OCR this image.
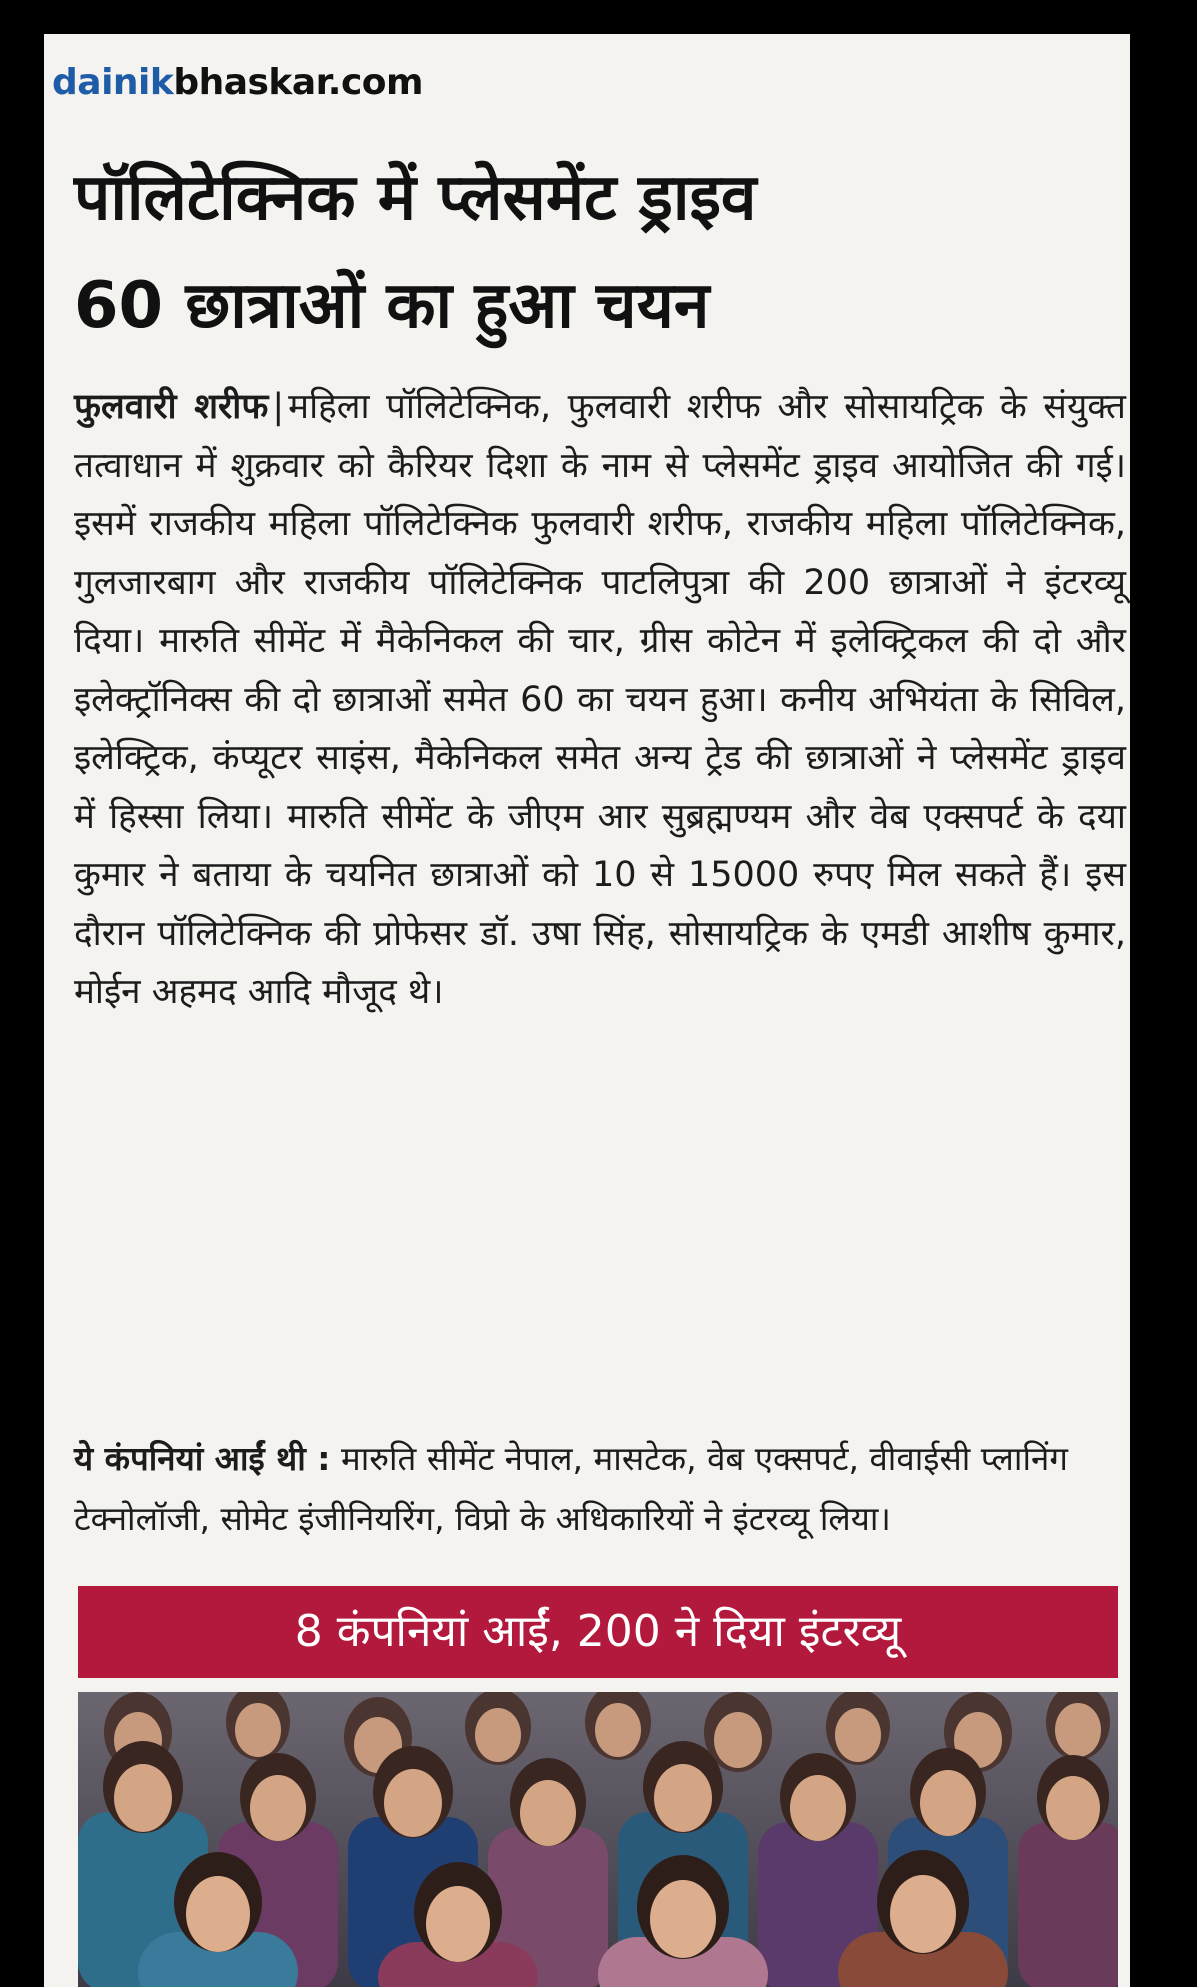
dainikbhaskar.com
पॉलिटेक्निक में प्लेसमेंट ड्राइव
60 छात्राओं का हुआ चयन

फुलवारी शरीफ | महिला पॉलिटेक्निक, फुलवारी शरीफ और सोसायट्रिक के संयुक्त तत्वाधान में शुक्रवार को कैरियर दिशा के नाम से प्लेसमेंट ड्राइव आयोजित की गई। इसमें राजकीय महिला पॉलिटेक्निक फुलवारी शरीफ, राजकीय महिला पॉलिटेक्निक, गुलजारबाग और राजकीय पॉलिटेक्निक पाटलिपुत्रा की 200 छात्राओं ने इंटरव्यू दिया। मारुति सीमेंट में मैकेनिकल की चार, ग्रीस कोटेन में इलेक्ट्रिकल की दो और इलेक्ट्रॉनिक्स की दो छात्राओं समेत 60 का चयन हुआ। कनीय अभियंता के सिविल, इलेक्ट्रिक, कंप्यूटर साइंस, मैकेनिकल समेत अन्य ट्रेड की छात्राओं ने प्लेसमेंट ड्राइव में हिस्सा लिया। मारुति सीमेंट के जीएम आर सुब्रह्मण्यम और वेब एक्सपर्ट के दया कुमार ने बताया के चयनित छात्राओं को 10 से 15000 रुपए मिल सकते हैं। इस दौरान पॉलिटेक्निक की प्रोफेसर डॉ. उषा सिंह, सोसायट्रिक के एमडी आशीष कुमार, मोईन अहमद आदि मौजूद थे।

ये कंपनियां आईं थी : मारुति सीमेंट नेपाल, मासटेक, वेब एक्सपर्ट, वीवाईसी प्लानिंग टेक्नोलॉजी, सोमेट इंजीनियरिंग, विप्रो के अधिकारियों ने इंटरव्यू लिया।

8 कंपनियां आईं, 200 ने दिया इंटरव्यू
